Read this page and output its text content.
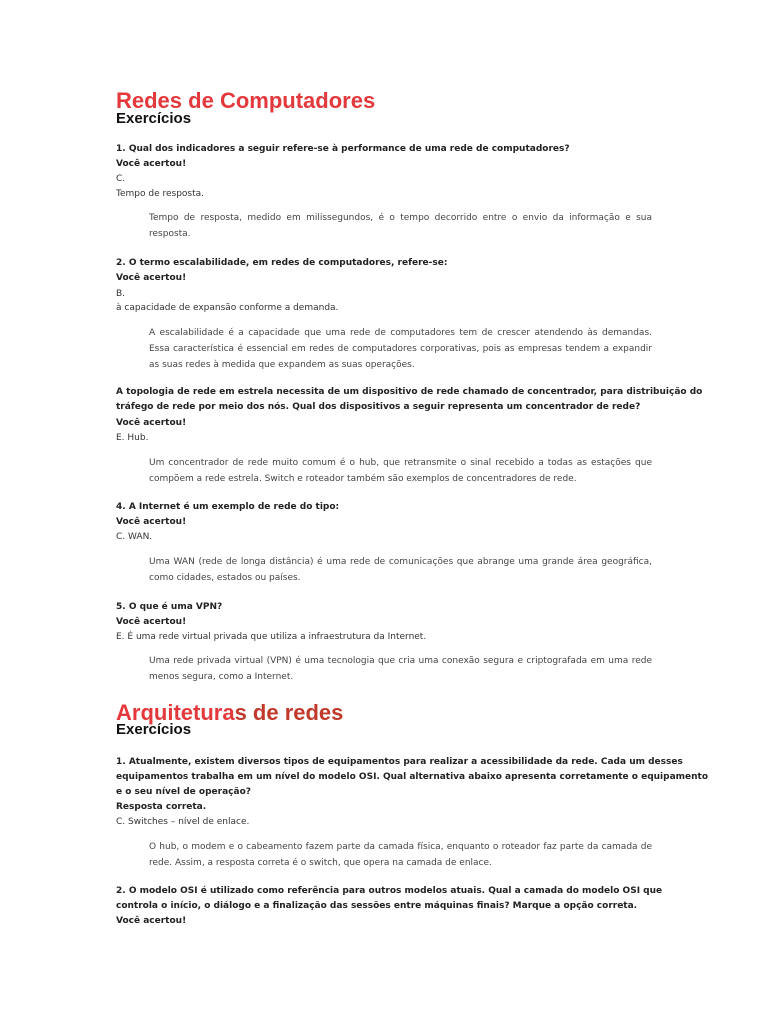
Redes de Computadores
Exercícios
1. Qual dos indicadores a seguir refere-se à performance de uma rede de computadores?
Você acertou!
C.
Tempo de resposta.
Tempo de resposta, medido em milissegundos, é o tempo decorrido entre o envio da informação e sua resposta.
2. O termo escalabilidade, em redes de computadores, refere-se:
Você acertou!
B.
à capacidade de expansão conforme a demanda.
A escalabilidade é a capacidade que uma rede de computadores tem de crescer atendendo às demandas. Essa característica é essencial em redes de computadores corporativas, pois as empresas tendem a expandir as suas redes à medida que expandem as suas operações.
A topologia de rede em estrela necessita de um dispositivo de rede chamado de concentrador, para distribuição do
tráfego de rede por meio dos nós. Qual dos dispositivos a seguir representa um concentrador de rede?
Você acertou!
E. Hub.
Um concentrador de rede muito comum é o hub, que retransmite o sinal recebido a todas as estações que compõem a rede estrela. Switch e roteador também são exemplos de concentradores de rede.
4. A Internet é um exemplo de rede do tipo:
Você acertou!
C. WAN.
Uma WAN (rede de longa distância) é uma rede de comunicações que abrange uma grande área geográfica, como cidades, estados ou países.
5. O que é uma VPN?
Você acertou!
E. É uma rede virtual privada que utiliza a infraestrutura da Internet.
Uma rede privada virtual (VPN) é uma tecnologia que cria uma conexão segura e criptografada em uma rede menos segura, como a Internet.
Arquiteturas de redes
Exercícios
1. Atualmente, existem diversos tipos de equipamentos para realizar a acessibilidade da rede. Cada um desses
equipamentos trabalha em um nível do modelo OSI. Qual alternativa abaixo apresenta corretamente o equipamento
e o seu nível de operação?
Resposta correta.
C. Switches – nível de enlace.
O hub, o modem e o cabeamento fazem parte da camada física, enquanto o roteador faz parte da camada de rede. Assim, a resposta correta é o switch, que opera na camada de enlace.
2. O modelo OSI é utilizado como referência para outros modelos atuais. Qual a camada do modelo OSI que
controla o início, o diálogo e a finalização das sessões entre máquinas finais? Marque a opção correta.
Você acertou!
